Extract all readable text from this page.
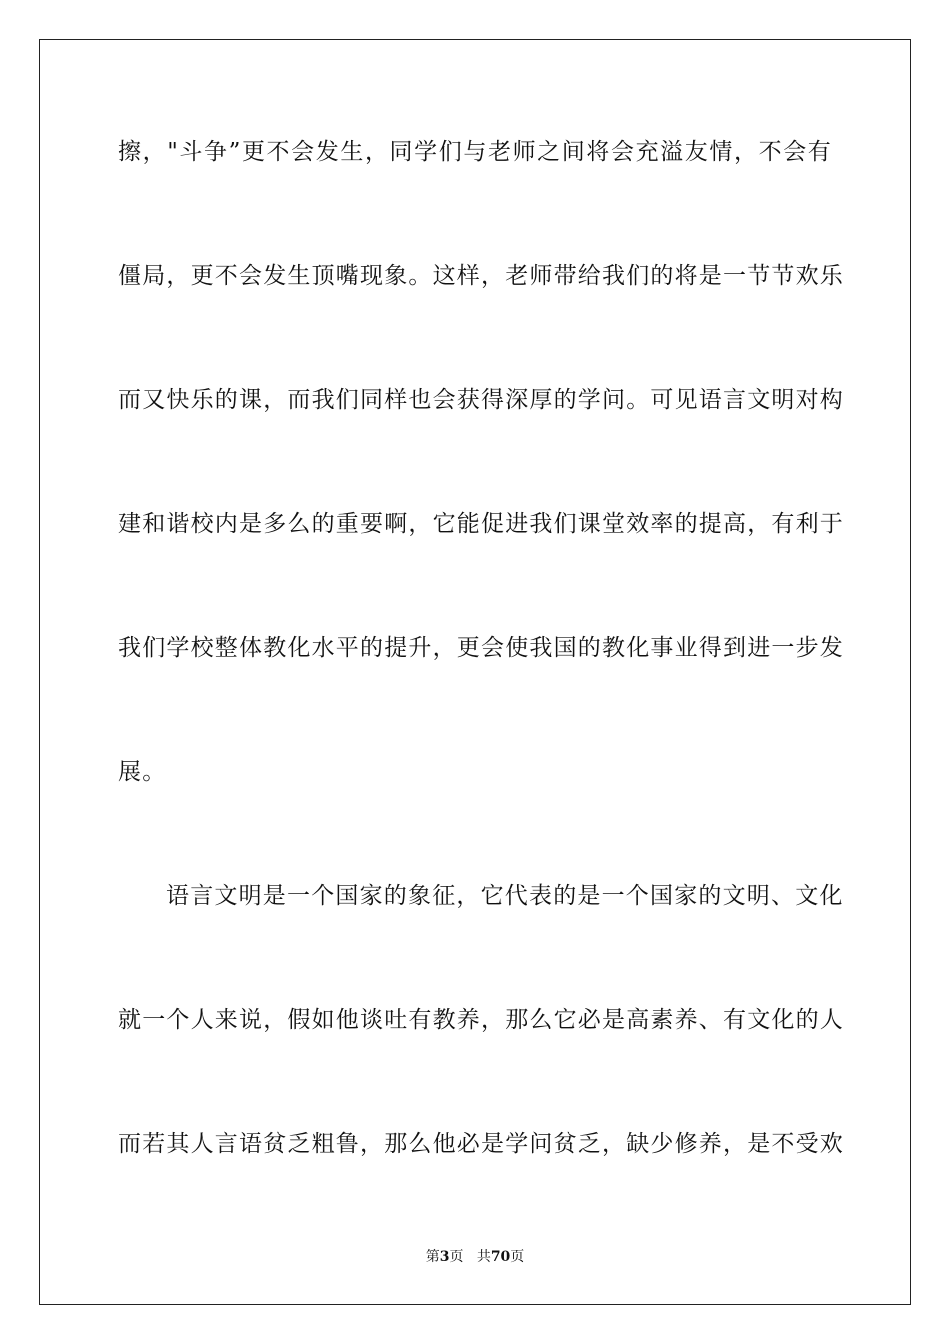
擦，"斗争”更不会发生，同学们与老师之间将会充溢友情，不会有
僵局，更不会发生顶嘴现象。这样，老师带给我们的将是一节节欢乐
而又快乐的课，而我们同样也会获得深厚的学问。可见语言文明对构
建和谐校内是多么的重要啊，它能促进我们课堂效率的提高，有利于
我们学校整体教化水平的提升，更会使我国的教化事业得到进一步发
展。
语言文明是一个国家的象征，它代表的是一个国家的文明、文化
就一个人来说，假如他谈吐有教养，那么它必是高素养、有文化的人
而若其人言语贫乏粗鲁，那么他必是学问贫乏，缺少修养，是不受欢
第3页 共70页
